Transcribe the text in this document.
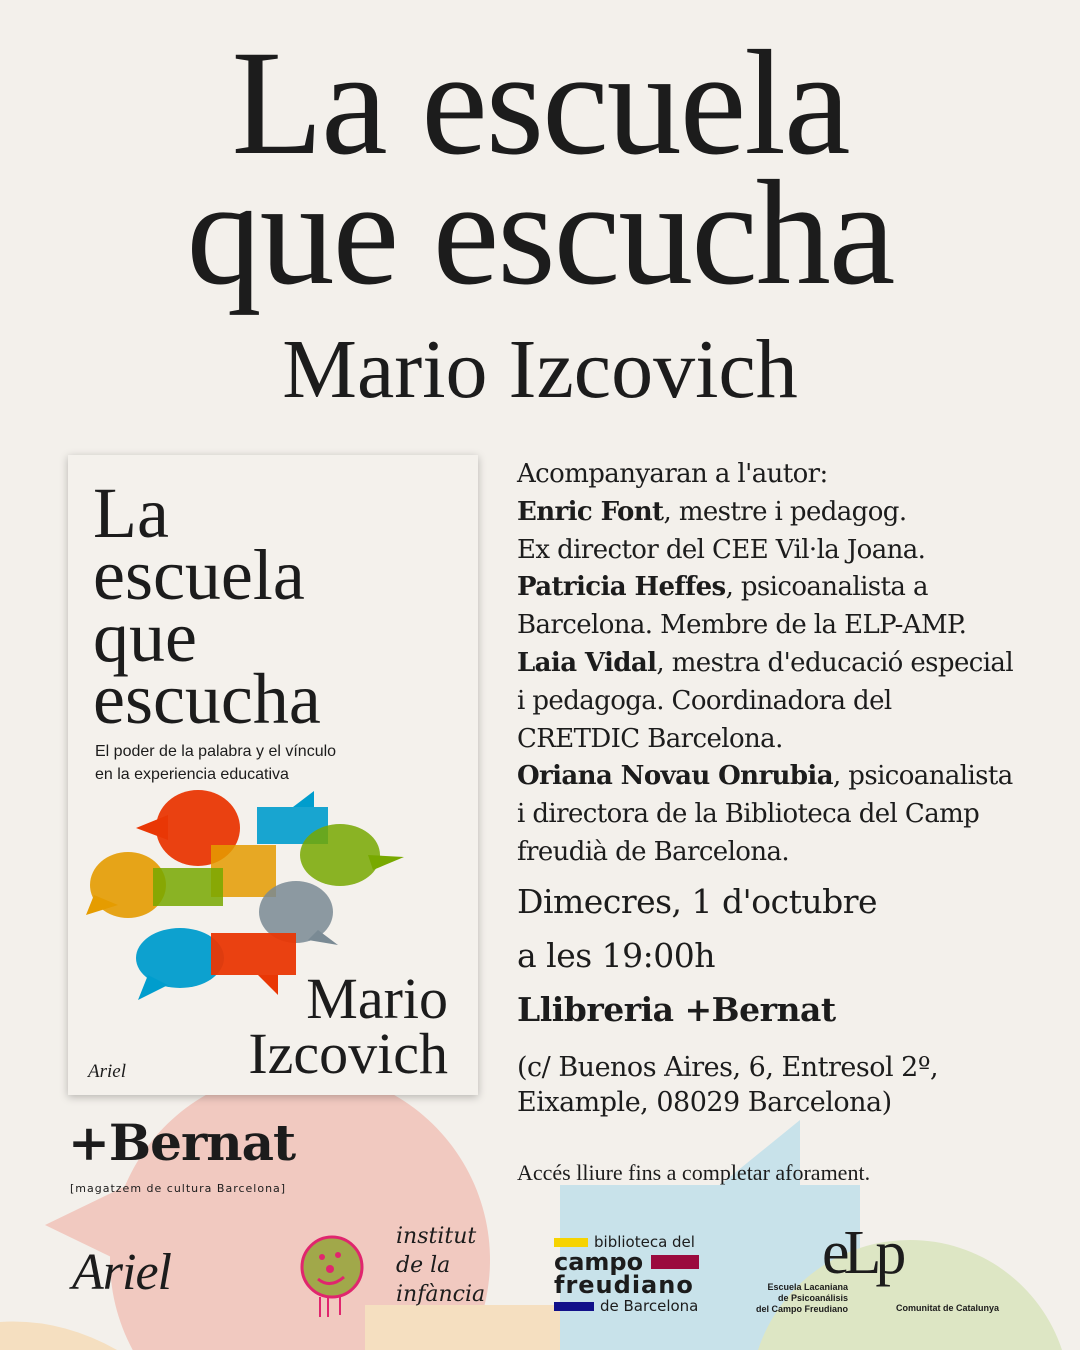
La escuela
que escucha
Mario Izcovich
La
escuela
que
escucha
El poder de la palabra y el vínculo
en la experiencia educativa
Mario
Izcovich
Ariel
Acompanyaran a l'autor:
Enric Font, mestre i pedagog.
Ex director del CEE Vil·la Joana.
Patricia Heffes, psicoanalista a
Barcelona. Membre de la ELP-AMP.
Laia Vidal, mestra d'educació especial
i pedagoga. Coordinadora del
CRETDIC Barcelona.
Oriana Novau Onrubia, psicoanalista
i directora de la Biblioteca del Camp
freudià de Barcelona.
Dimecres, 1 d'octubre
a les 19:00h
Llibreria +Bernat
(c/ Buenos Aires, 6, Entresol 2º,
Eixample, 08029 Barcelona)
Accés lliure fins a completar aforament.
+Bernat
[magatzem de cultura Barcelona]
Ariel
institut
de la
infància
biblioteca del
campo
freudiano
de Barcelona
eLp
Escuela Lacaniana
de Psicoanálisis
del Campo Freudiano	Comunitat de Catalunya
